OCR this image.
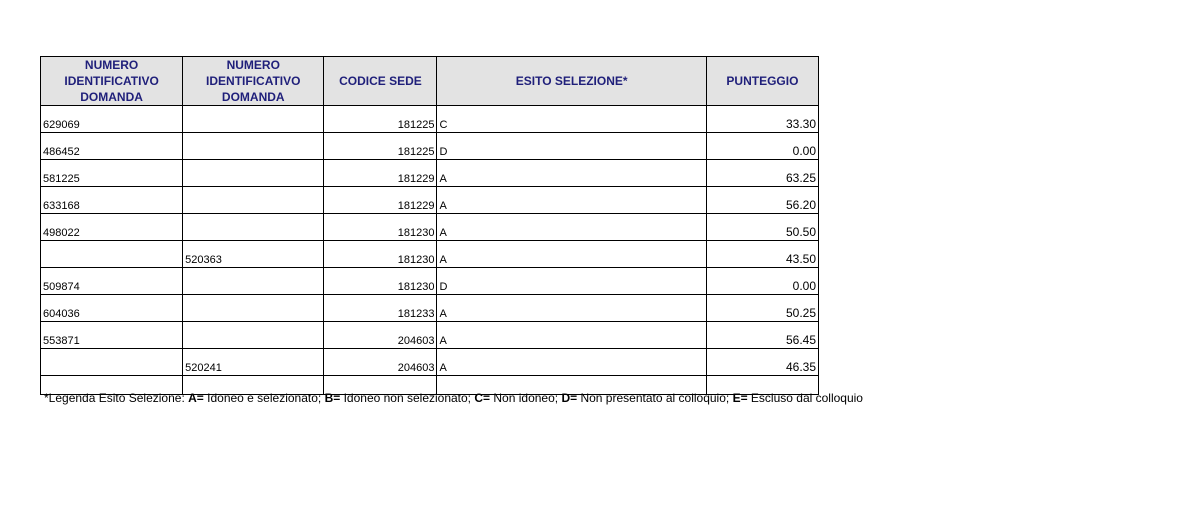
NUMERO
IDENTIFICATIVO
DOMANDA	NUMERO
IDENTIFICATIVO
DOMANDA	CODICE SEDE	ESITO SELEZIONE*	PUNTEGGIO
629069		181225	C	33.30
486452		181225	D	0.00
581225		181229	A	63.25
633168		181229	A	56.20
498022		181230	A	50.50
	520363	181230	A	43.50
509874		181230	D	0.00
604036		181233	A	50.25
553871		204603	A	56.45
	520241	204603	A	46.35

*Legenda Esito Selezione: A= Idoneo e selezionato; B= Idoneo non selezionato; C= Non idoneo; D= Non presentato al colloquio; E= Escluso dal colloquio
